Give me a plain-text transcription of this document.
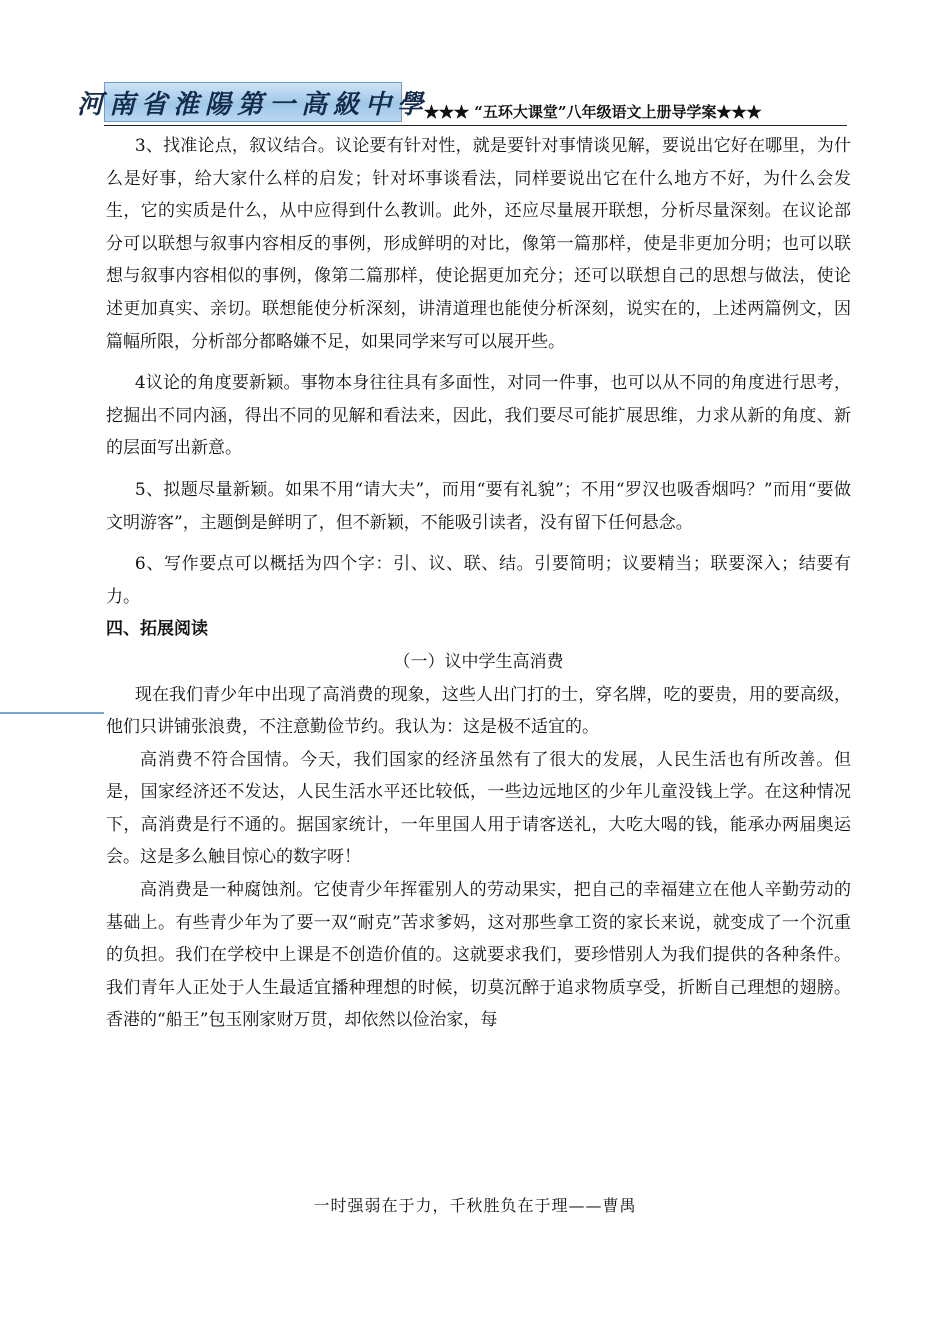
河南省淮陽第一高級中學
★★★ “五环大课堂”八年级语文上册导学案★★★

3、找准论点，叙议结合。议论要有针对性，就是要针对事情谈见解，要说出它好在哪里，为什么是好事，给大家什么样的启发；针对坏事谈看法，同样要说出它在什么地方不好，为什么会发生，它的实质是什么，从中应得到什么教训。此外，还应尽量展开联想，分析尽量深刻。在议论部分可以联想与叙事内容相反的事例，形成鲜明的对比，像第一篇那样，使是非更加分明；也可以联想与叙事内容相似的事例，像第二篇那样，使论据更加充分；还可以联想自己的思想与做法，使论述更加真实、亲切。联想能使分析深刻，讲清道理也能使分析深刻，说实在的，上述两篇例文，因篇幅所限，分析部分都略嫌不足，如果同学来写可以展开些。

4议论的角度要新颖。事物本身往往具有多面性，对同一件事，也可以从不同的角度进行思考，挖掘出不同内涵，得出不同的见解和看法来，因此，我们要尽可能扩展思维，力求从新的角度、新的层面写出新意。

5、拟题尽量新颖。如果不用“请大夫”，而用“要有礼貌”；不用“罗汉也吸香烟吗？”而用“要做文明游客”，主题倒是鲜明了，但不新颖，不能吸引读者，没有留下任何悬念。

6、写作要点可以概括为四个字：引、议、联、结。引要简明；议要精当；联要深入；结要有力。

四、拓展阅读

（一）议中学生高消费

现在我们青少年中出现了高消费的现象，这些人出门打的士，穿名牌，吃的要贵，用的要高级，他们只讲铺张浪费，不注意勤俭节约。我认为：这是极不适宜的。

高消费不符合国情。今天，我们国家的经济虽然有了很大的发展，人民生活也有所改善。但是，国家经济还不发达，人民生活水平还比较低，一些边远地区的少年儿童没钱上学。在这种情况下，高消费是行不通的。据国家统计，一年里国人用于请客送礼，大吃大喝的钱，能承办两届奥运会。这是多么触目惊心的数字呀！

高消费是一种腐蚀剂。它使青少年挥霍别人的劳动果实，把自己的幸福建立在他人辛勤劳动的基础上。有些青少年为了要一双“耐克”苦求爹妈，这对那些拿工资的家长来说，就变成了一个沉重的负担。我们在学校中上课是不创造价值的。这就要求我们，要珍惜别人为我们提供的各种条件。我们青年人正处于人生最适宜播种理想的时候，切莫沉醉于追求物质享受，折断自己理想的翅膀。香港的“船王”包玉刚家财万贯，却依然以俭治家，每

一时强弱在于力，千秋胜负在于理——曹禺
